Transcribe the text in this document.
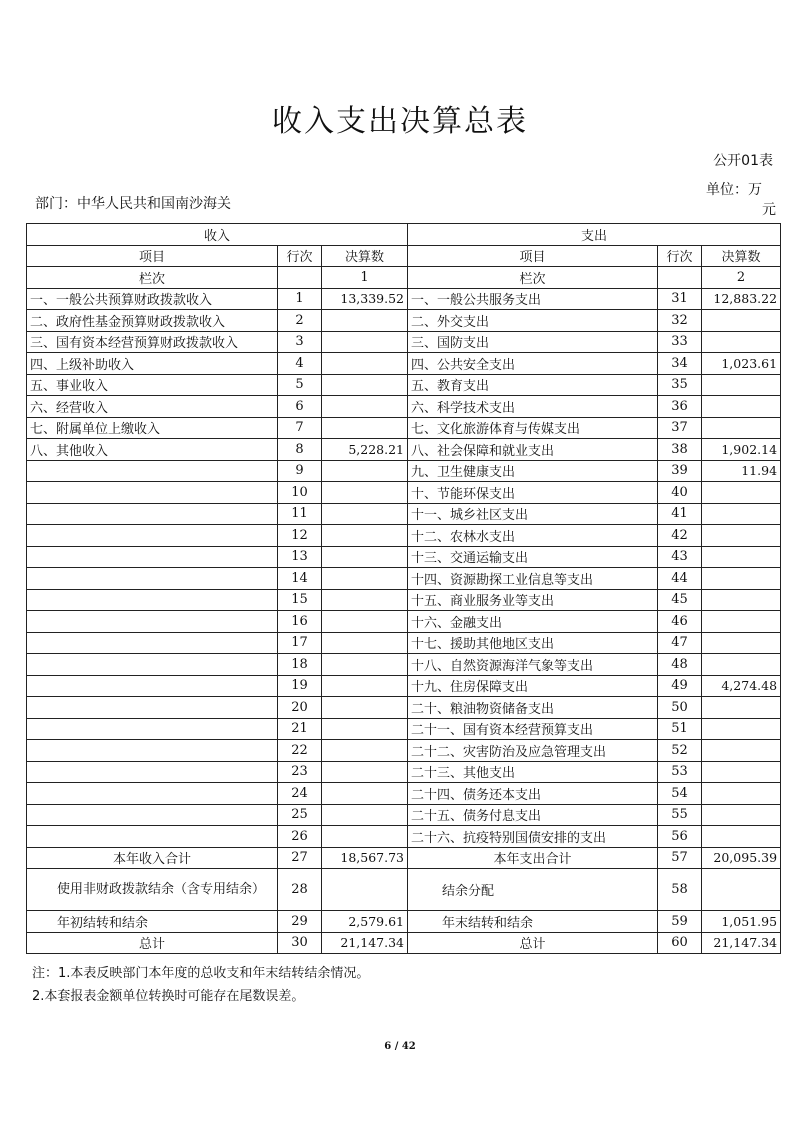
收入支出决算总表
公开01表
部门：中华人民共和国南沙海关
单位：万
元
收入			支出		
项目	行次	决算数	项目	行次	决算数
栏次		1	栏次		2
一、一般公共预算财政拨款收入	1	13,339.52	一、一般公共服务支出	31	12,883.22
二、政府性基金预算财政拨款收入	2		二、外交支出	32	
三、国有资本经营预算财政拨款收入	3		三、国防支出	33	
四、上级补助收入	4		四、公共安全支出	34	1,023.61
五、事业收入	5		五、教育支出	35	
六、经营收入	6		六、科学技术支出	36	
七、附属单位上缴收入	7		七、文化旅游体育与传媒支出	37	
八、其他收入	8	5,228.21	八、社会保障和就业支出	38	1,902.14
	9		九、卫生健康支出	39	11.94
	10		十、节能环保支出	40	
	11		十一、城乡社区支出	41	
	12		十二、农林水支出	42	
	13		十三、交通运输支出	43	
	14		十四、资源勘探工业信息等支出	44	
	15		十五、商业服务业等支出	45	
	16		十六、金融支出	46	
	17		十七、援助其他地区支出	47	
	18		十八、自然资源海洋气象等支出	48	
	19		十九、住房保障支出	49	4,274.48
	20		二十、粮油物资储备支出	50	
	21		二十一、国有资本经营预算支出	51	
	22		二十二、灾害防治及应急管理支出	52	
	23		二十三、其他支出	53	
	24		二十四、债务还本支出	54	
	25		二十五、债务付息支出	55	
	26		二十六、抗疫特别国债安排的支出	56	
本年收入合计	27	18,567.73	本年支出合计	57	20,095.39
使用非财政拨款结余（含专用结余）	28		结余分配	58	
年初结转和结余	29	2,579.61	年末结转和结余	59	1,051.95
总计	30	21,147.34	总计	60	21,147.34
注：1.本表反映部门本年度的总收支和年末结转结余情况。
2.本套报表金额单位转换时可能存在尾数误差。
6 / 42
